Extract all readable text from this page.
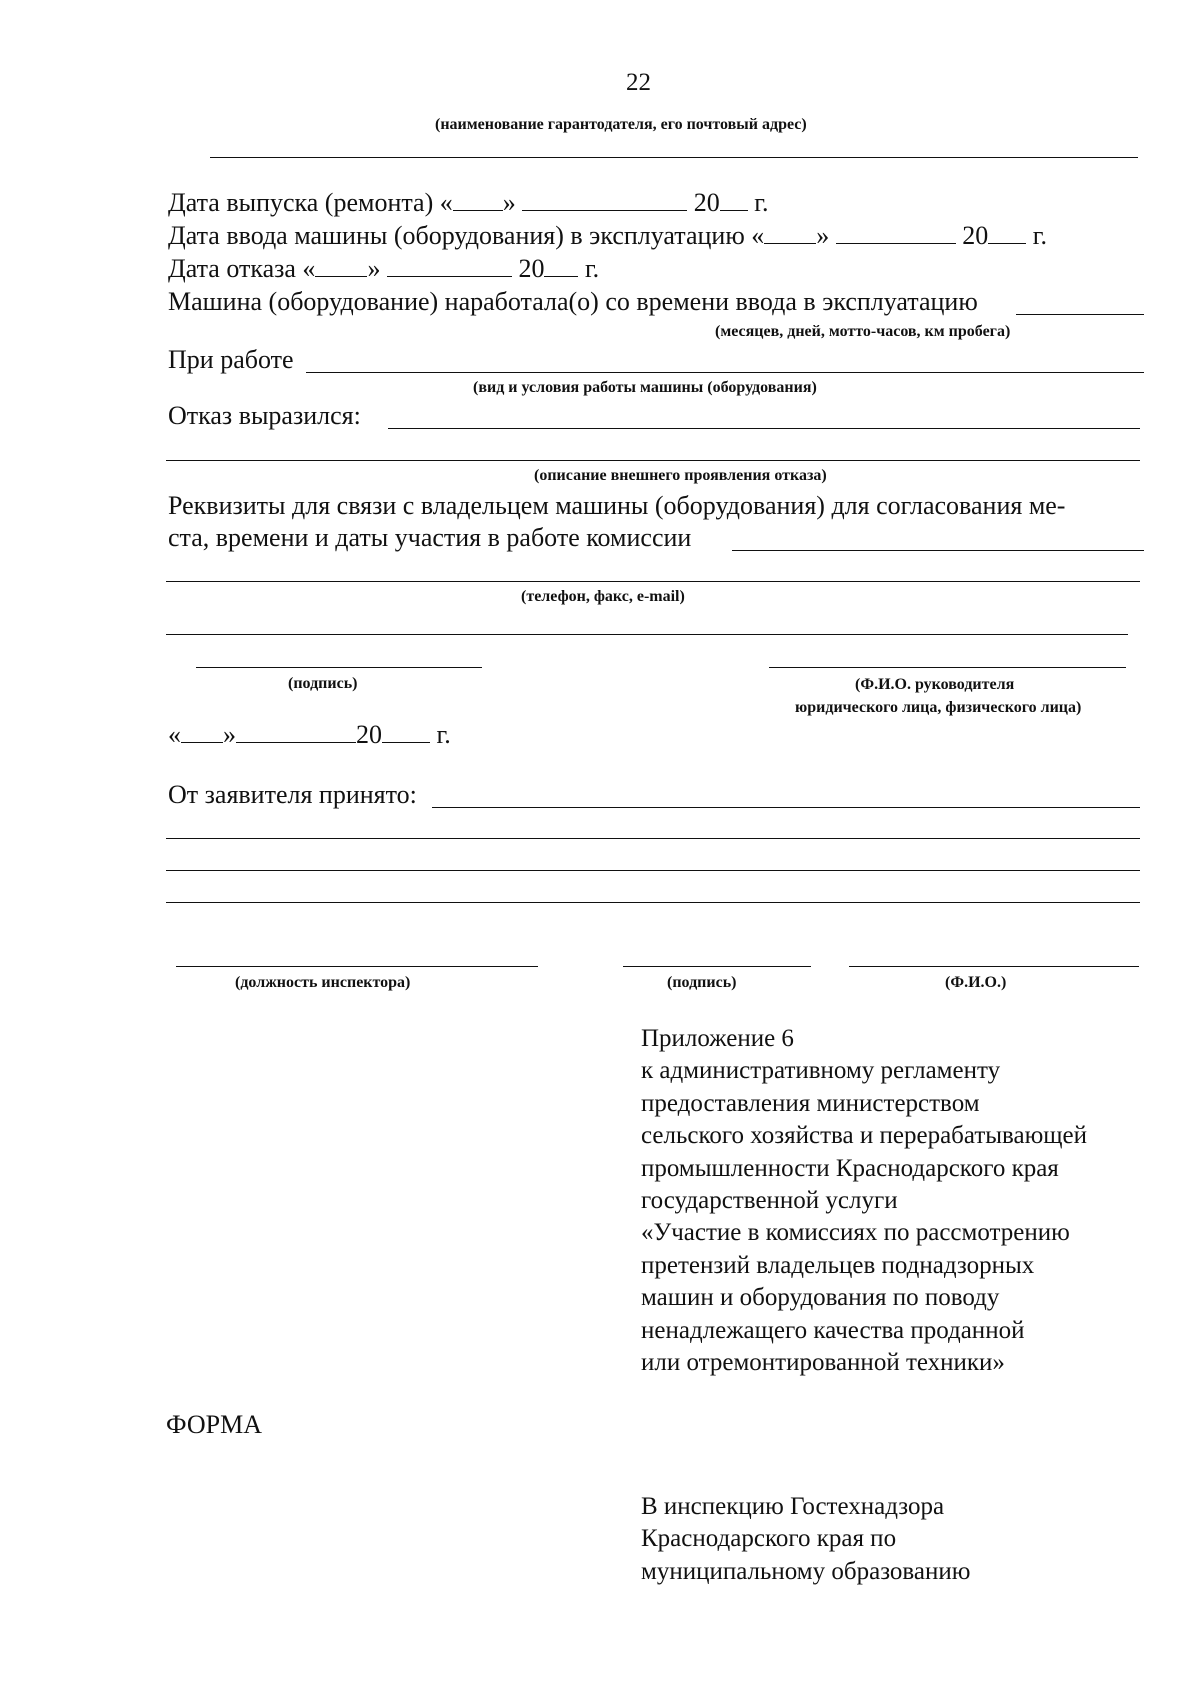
22
(наименование гарантодателя, его почтовый адрес)
Дата выпуска (ремонта) « »	20 г.
Дата ввода машины (оборудования) в эксплуатацию « »	20 г.
Дата отказа « »	20 г.
Машина (оборудование) наработала(о) со времени ввода в эксплуатацию
(месяцев, дней, мотто-часов, км пробега)
При работе
(вид и условия работы машины (оборудования)
Отказ выразился:
(описание внешнего проявления отказа)
Реквизиты для связи с владельцем машины (оборудования) для согласования ме-
ста, времени и даты участия в работе комиссии
(телефон, факс, e-mail)
(подпись)	(Ф.И.О. руководителя
юридического лица, физического лица)
« »	20 г.
От заявителя принято:
(должность инспектора)	(подпись)	(Ф.И.О.)
Приложение 6
к административному регламенту
предоставления министерством
сельского хозяйства и перерабатывающей
промышленности Краснодарского края
государственной услуги
«Участие в комиссиях по рассмотрению
претензий владельцев поднадзорных
машин и оборудования по поводу
ненадлежащего качества проданной
или отремонтированной техники»
ФОРМА
В инспекцию Гостехнадзора
Краснодарского края по
муниципальному образованию
